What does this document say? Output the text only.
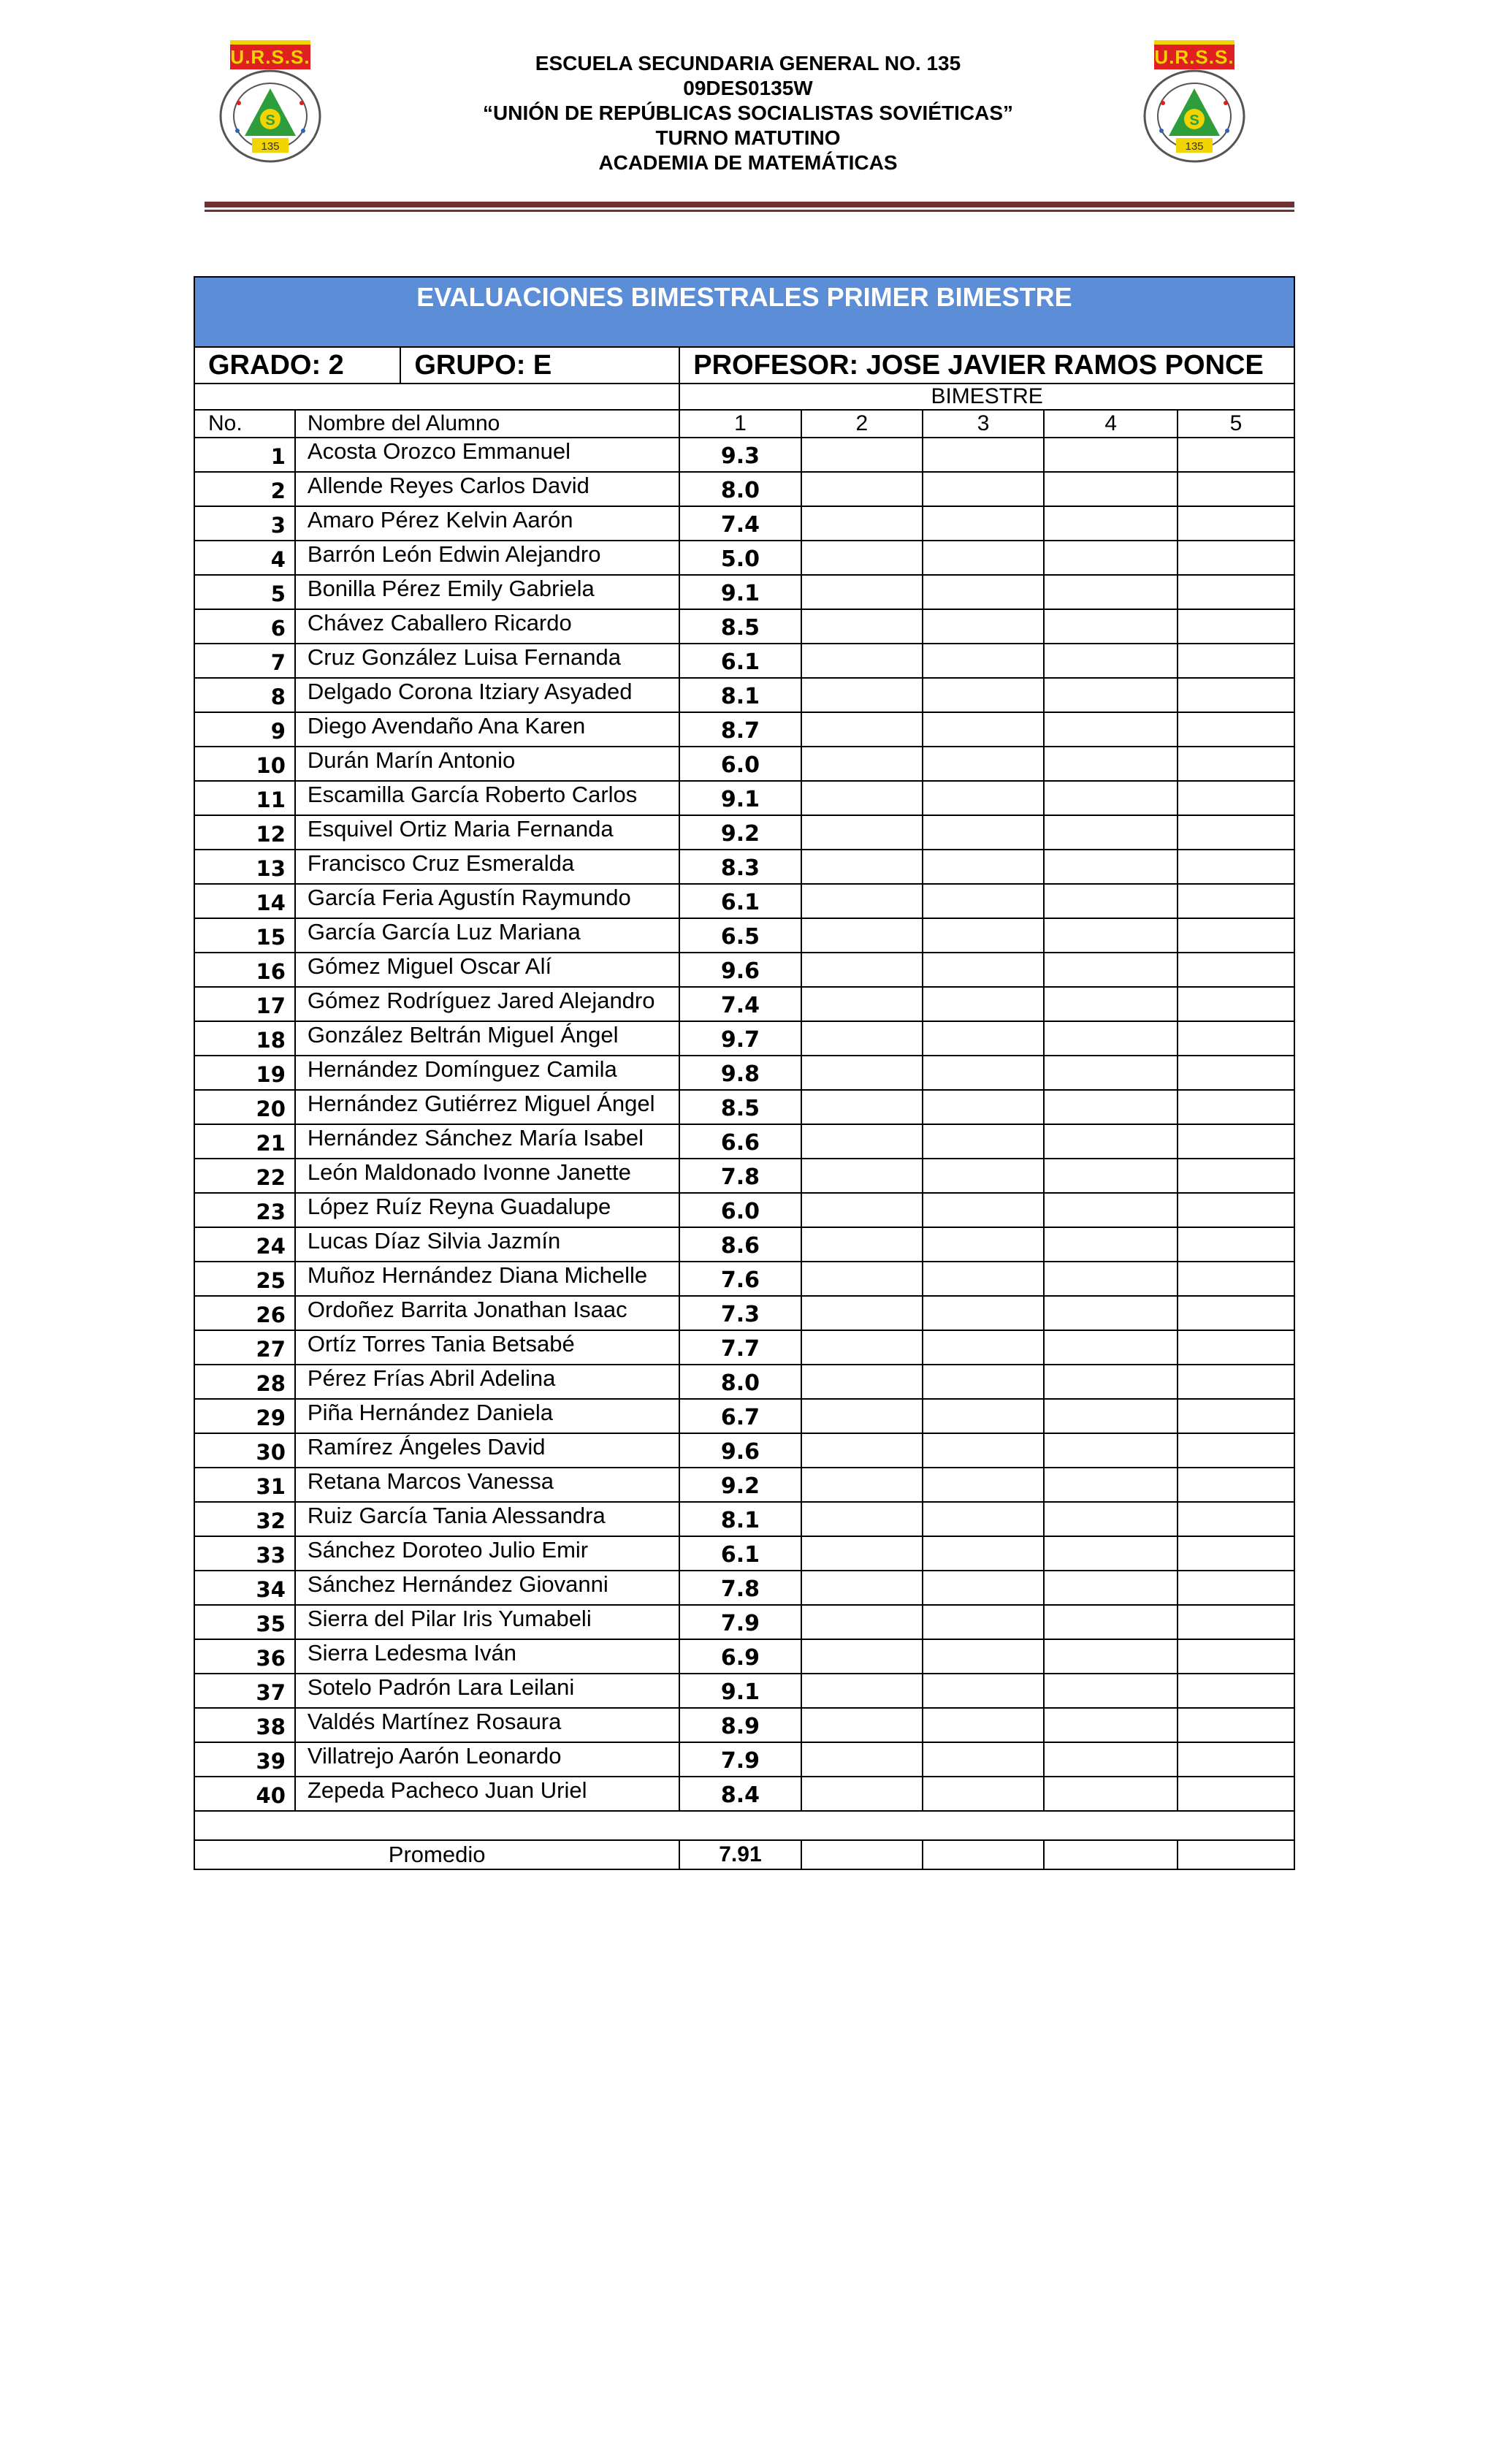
U.R.S.S.
S
135
ESCUELA SECUNDARIA GENERAL NO. 135
09DES0135W
“UNIÓN DE REPÚBLICAS SOCIALISTAS SOVIÉTICAS”
TURNO MATUTINO
ACADEMIA DE MATEMÁTICAS
U.R.S.S.
S
135
EVALUACIONES BIMESTRALES PRIMER BIMESTRE							
GRADO: 2		GRUPO: E	PROFESOR: JOSE JAVIER RAMOS PONCE				
			BIMESTRE				
No.	Nombre del Alumno		1	2	3	4	5
1	Acosta Orozco Emmanuel		9.3				
2	Allende Reyes Carlos David		8.0				
3	Amaro Pérez Kelvin Aarón		7.4				
4	Barrón León Edwin Alejandro		5.0				
5	Bonilla Pérez Emily Gabriela		9.1				
6	Chávez Caballero Ricardo		8.5				
7	Cruz González Luisa Fernanda		6.1				
8	Delgado Corona Itziary Asyaded		8.1				
9	Diego Avendaño Ana Karen		8.7				
10	Durán Marín Antonio		6.0				
11	Escamilla García Roberto Carlos		9.1				
12	Esquivel Ortiz Maria Fernanda		9.2				
13	Francisco Cruz Esmeralda		8.3				
14	García Feria Agustín Raymundo		6.1				
15	García García Luz Mariana		6.5				
16	Gómez Miguel Oscar Alí		9.6				
17	Gómez Rodríguez Jared Alejandro		7.4				
18	González Beltrán Miguel Ángel		9.7				
19	Hernández Domínguez Camila		9.8				
20	Hernández Gutiérrez Miguel Ángel		8.5				
21	Hernández Sánchez María Isabel		6.6				
22	León Maldonado Ivonne Janette		7.8				
23	López Ruíz Reyna Guadalupe		6.0				
24	Lucas Díaz Silvia Jazmín		8.6				
25	Muñoz Hernández Diana Michelle		7.6				
26	Ordoñez Barrita Jonathan Isaac		7.3				
27	Ortíz Torres Tania Betsabé		7.7				
28	Pérez Frías Abril Adelina		8.0				
29	Piña Hernández Daniela		6.7				
30	Ramírez Ángeles David		9.6				
31	Retana Marcos Vanessa		9.2				
32	Ruiz García Tania Alessandra		8.1				
33	Sánchez Doroteo Julio Emir		6.1				
34	Sánchez Hernández Giovanni		7.8				
35	Sierra del Pilar Iris Yumabeli		7.9				
36	Sierra Ledesma Iván		6.9				
37	Sotelo Padrón Lara Leilani		9.1				
38	Valdés Martínez Rosaura		8.9				
39	Villatrejo Aarón Leonardo		7.9				
40	Zepeda Pacheco Juan Uriel		8.4				

Promedio			7.91				
